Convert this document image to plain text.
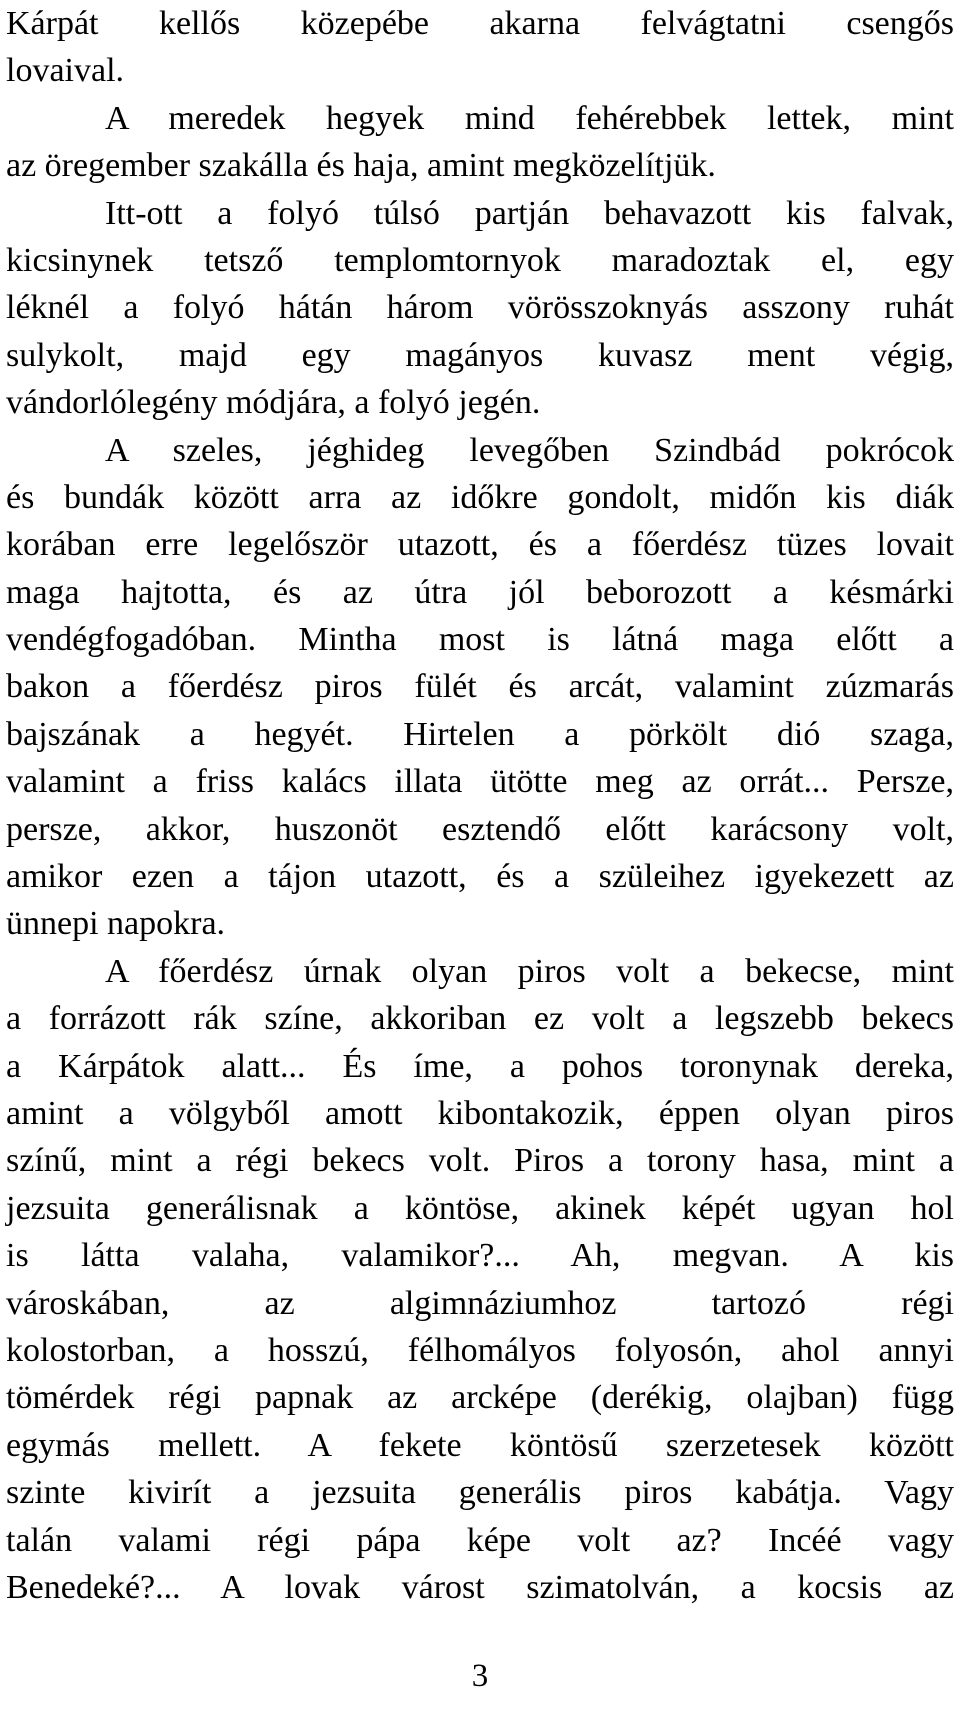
Kárpát kellős közepébe akarna felvágtatni csengős
lovaival.
A meredek hegyek mind fehérebbek lettek, mint
az öregember szakálla és haja, amint megközelítjük.
Itt-ott a folyó túlsó partján behavazott kis falvak,
kicsinynek tetsző templomtornyok maradoztak el, egy
léknél a folyó hátán három vörösszoknyás asszony ruhát
sulykolt, majd egy magányos kuvasz ment végig,
vándorlólegény módjára, a folyó jegén.
A szeles, jéghideg levegőben Szindbád pokrócok
és bundák között arra az időkre gondolt, midőn kis diák
korában erre legelőször utazott, és a főerdész tüzes lovait
maga hajtotta, és az útra jól beborozott a késmárki
vendégfogadóban. Mintha most is látná maga előtt a
bakon a főerdész piros fülét és arcát, valamint zúzmarás
bajszának a hegyét. Hirtelen a pörkölt dió szaga,
valamint a friss kalács illata ütötte meg az orrát... Persze,
persze, akkor, huszonöt esztendő előtt karácsony volt,
amikor ezen a tájon utazott, és a szüleihez igyekezett az
ünnepi napokra.
A főerdész úrnak olyan piros volt a bekecse, mint
a forrázott rák színe, akkoriban ez volt a legszebb bekecs
a Kárpátok alatt... És íme, a pohos toronynak dereka,
amint a völgyből amott kibontakozik, éppen olyan piros
színű, mint a régi bekecs volt. Piros a torony hasa, mint a
jezsuita generálisnak a köntöse, akinek képét ugyan hol
is látta valaha, valamikor?... Ah, megvan. A kis
városkában, az algimnáziumhoz tartozó régi
kolostorban, a hosszú, félhomályos folyosón, ahol annyi
tömérdek régi papnak az arcképe (derékig, olajban) függ
egymás mellett. A fekete köntösű szerzetesek között
szinte kivirít a jezsuita generális piros kabátja. Vagy
talán valami régi pápa képe volt az? Incéé vagy
Benedeké?... A lovak várost szimatolván, a kocsis az
3
